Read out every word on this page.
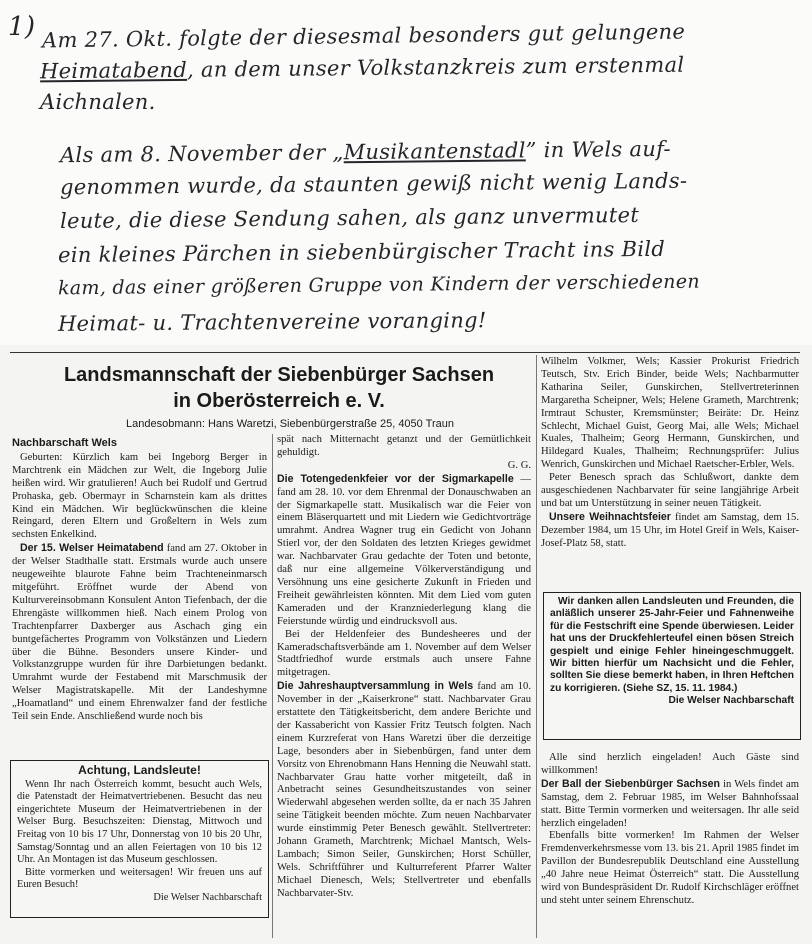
1) Am 27. Okt. folgte der diesesmal besonders gut gelungene
Heimatabend, an dem unser Volkstanzkreis zum erstenmal
Aichnalen.
Als am 8. November der „Musikantenstadl” in Wels auf-
genommen wurde, da staunten gewiß nicht wenig Lands-
leute, die diese Sendung sahen, als ganz unvermutet
ein kleines Pärchen in siebenbürgischer Tracht ins Bild
kam, das einer größeren Gruppe von Kindern der verschiedenen
Heimat- u. Trachtenvereine voranging!
Landsmannschaft der Siebenbürger Sachsen
in Oberösterreich e. V.
Landesobmann: Hans Waretzi, Siebenbürgerstraße 25, 4050 Traun
Nachbarschaft Wels

Geburten: Kürzlich kam bei Ingeborg Berger in Marchtrenk ein Mädchen zur Welt, die Ingeborg Julie heißen wird. Wir gratulieren! Auch bei Rudolf und Gertrud Prohaska, geb. Obermayr in Scharnstein kam als drittes Kind ein Mädchen. Wir beglückwünschen die kleine Reingard, deren Eltern und Großeltern in Wels zum sechsten Enkelkind.

Der 15. Welser Heimatabend fand am 27. Oktober in der Welser Stadthalle statt. Erstmals wurde auch unsere neugeweihte blaurote Fahne beim Trachteneinmarsch mitgeführt. Eröffnet wurde der Abend von Kulturvereinsobmann Konsulent Anton Tiefenbach, der die Ehrengäste willkommen hieß. Nach einem Prolog von Trachtenpfarrer Daxberger aus Aschach ging ein buntgefächertes Programm von Volkstänzen und Liedern über die Bühne. Besonders unsere Kinder- und Volkstanzgruppe wurden für ihre Darbietungen bedankt. Umrahmt wurde der Festabend mit Marschmusik der Welser Magistratskapelle. Mit der Landeshymne „Hoamatland“ und einem Ehrenwalzer fand der festliche Teil sein Ende. Anschließend wurde noch bis

Achtung, Landsleute!
Wenn Ihr nach Österreich kommt, besucht auch Wels, die Patenstadt der Heimatvertriebenen. Besucht das neu eingerichtete Museum der Heimatvertriebenen in der Welser Burg. Besuchszeiten: Dienstag, Mittwoch und Freitag von 10 bis 17 Uhr, Donnerstag von 10 bis 20 Uhr, Samstag/Sonntag und an allen Feiertagen von 10 bis 12 Uhr. An Montagen ist das Museum geschlossen.
Bitte vormerken und weitersagen! Wir freuen uns auf Euren Besuch!
Die Welser Nachbarschaft

spät nach Mitternacht getanzt und der Gemütlichkeit gehuldigt.

G. G.

Die Totengedenkfeier vor der Sigmarkapelle — fand am 28. 10. vor dem Ehrenmal der Donauschwaben an der Sigmarkapelle statt. Musikalisch war die Feier von einem Bläserquartett und mit Liedern wie Gedichtvorträge umrahmt. Andrea Wagner trug ein Gedicht von Johann Stierl vor, der den Soldaten des letzten Krieges gewidmet war. Nachbarvater Grau gedachte der Toten und betonte, daß nur eine allgemeine Völkerverständigung und Versöhnung uns eine gesicherte Zukunft in Frieden und Freiheit gewährleisten könnten. Mit dem Lied vom guten Kameraden und der Kranzniederlegung klang die Feierstunde würdig und eindrucksvoll aus.

Bei der Heldenfeier des Bundesheeres und der Kameradschaftsverbände am 1. November auf dem Welser Stadtfriedhof wurde erstmals auch unsere Fahne mitgetragen.

Die Jahreshauptversammlung in Wels fand am 10. November in der „Kaiserkrone“ statt. Nachbarvater Grau erstattete den Tätigkeitsbericht, dem andere Berichte und der Kassabericht von Kassier Fritz Teutsch folgten. Nach einem Kurzreferat von Hans Waretzi über die derzeitige Lage, besonders aber in Siebenbürgen, fand unter dem Vorsitz von Ehrenobmann Hans Henning die Neuwahl statt. Nachbarvater Grau hatte vorher mitgeteilt, daß in Anbetracht seines Gesundheitszustandes von seiner Wiederwahl abgesehen werden sollte, da er nach 35 Jahren seine Tätigkeit beenden möchte. Zum neuen Nachbarvater wurde einstimmig Peter Benesch gewählt. Stellvertreter: Johann Grameth, Marchtrenk; Michael Mantsch, Wels-Lambach; Simon Seiler, Gunskirchen; Horst Schüller, Wels. Schriftführer und Kulturreferent Pfarrer Walter Michael Dienesch, Wels; Stellvertreter und ebenfalls Nachbarvater-Stv.

Wilhelm Volkmer, Wels; Kassier Prokurist Friedrich Teutsch, Stv. Erich Binder, beide Wels; Nachbarmutter Katharina Seiler, Gunskirchen, Stellvertreterinnen Margaretha Scheipner, Wels; Helene Grameth, Marchtrenk; Irmtraut Schuster, Kremsmünster; Beiräte: Dr. Heinz Schlecht, Michael Guist, Georg Mai, alle Wels; Michael Kuales, Thalheim; Georg Hermann, Gunskirchen, und Hildegard Kuales, Thalheim; Rechnungsprüfer: Julius Wenrich, Gunskirchen und Michael Raetscher-Erbler, Wels.

Peter Benesch sprach das Schlußwort, dankte dem ausgeschiedenen Nachbarvater für seine langjährige Arbeit und bat um Unterstützung in seiner neuen Tätigkeit.

Unsere Weihnachtsfeier findet am Samstag, dem 15. Dezember 1984, um 15 Uhr, im Hotel Greif in Wels, Kaiser-Josef-Platz 58, statt.

Wir danken allen Landsleuten und Freunden, die anläßlich unserer 25-Jahr-Feier und Fahnenweihe für die Festschrift eine Spende überwiesen. Leider hat uns der Druckfehlerteufel einen bösen Streich gespielt und einige Fehler hineingeschmuggelt. Wir bitten hierfür um Nachsicht und die Fehler, sollten Sie diese bemerkt haben, in Ihren Heftchen zu korrigieren. (Siehe SZ, 15. 11. 1984.)
Die Welser Nachbarschaft

Alle sind herzlich eingeladen! Auch Gäste sind willkommen!

Der Ball der Siebenbürger Sachsen in Wels findet am Samstag, dem 2. Februar 1985, im Welser Bahnhofssaal statt. Bitte Termin vormerken und weitersagen. Ihr alle seid herzlich eingeladen!

Ebenfalls bitte vormerken! Im Rahmen der Welser Fremdenverkehrsmesse vom 13. bis 21. April 1985 findet im Pavillon der Bundesrepublik Deutschland eine Ausstellung „40 Jahre neue Heimat Österreich“ statt. Die Ausstellung wird von Bundespräsident Dr. Rudolf Kirchschläger eröffnet und steht unter seinem Ehrenschutz.
